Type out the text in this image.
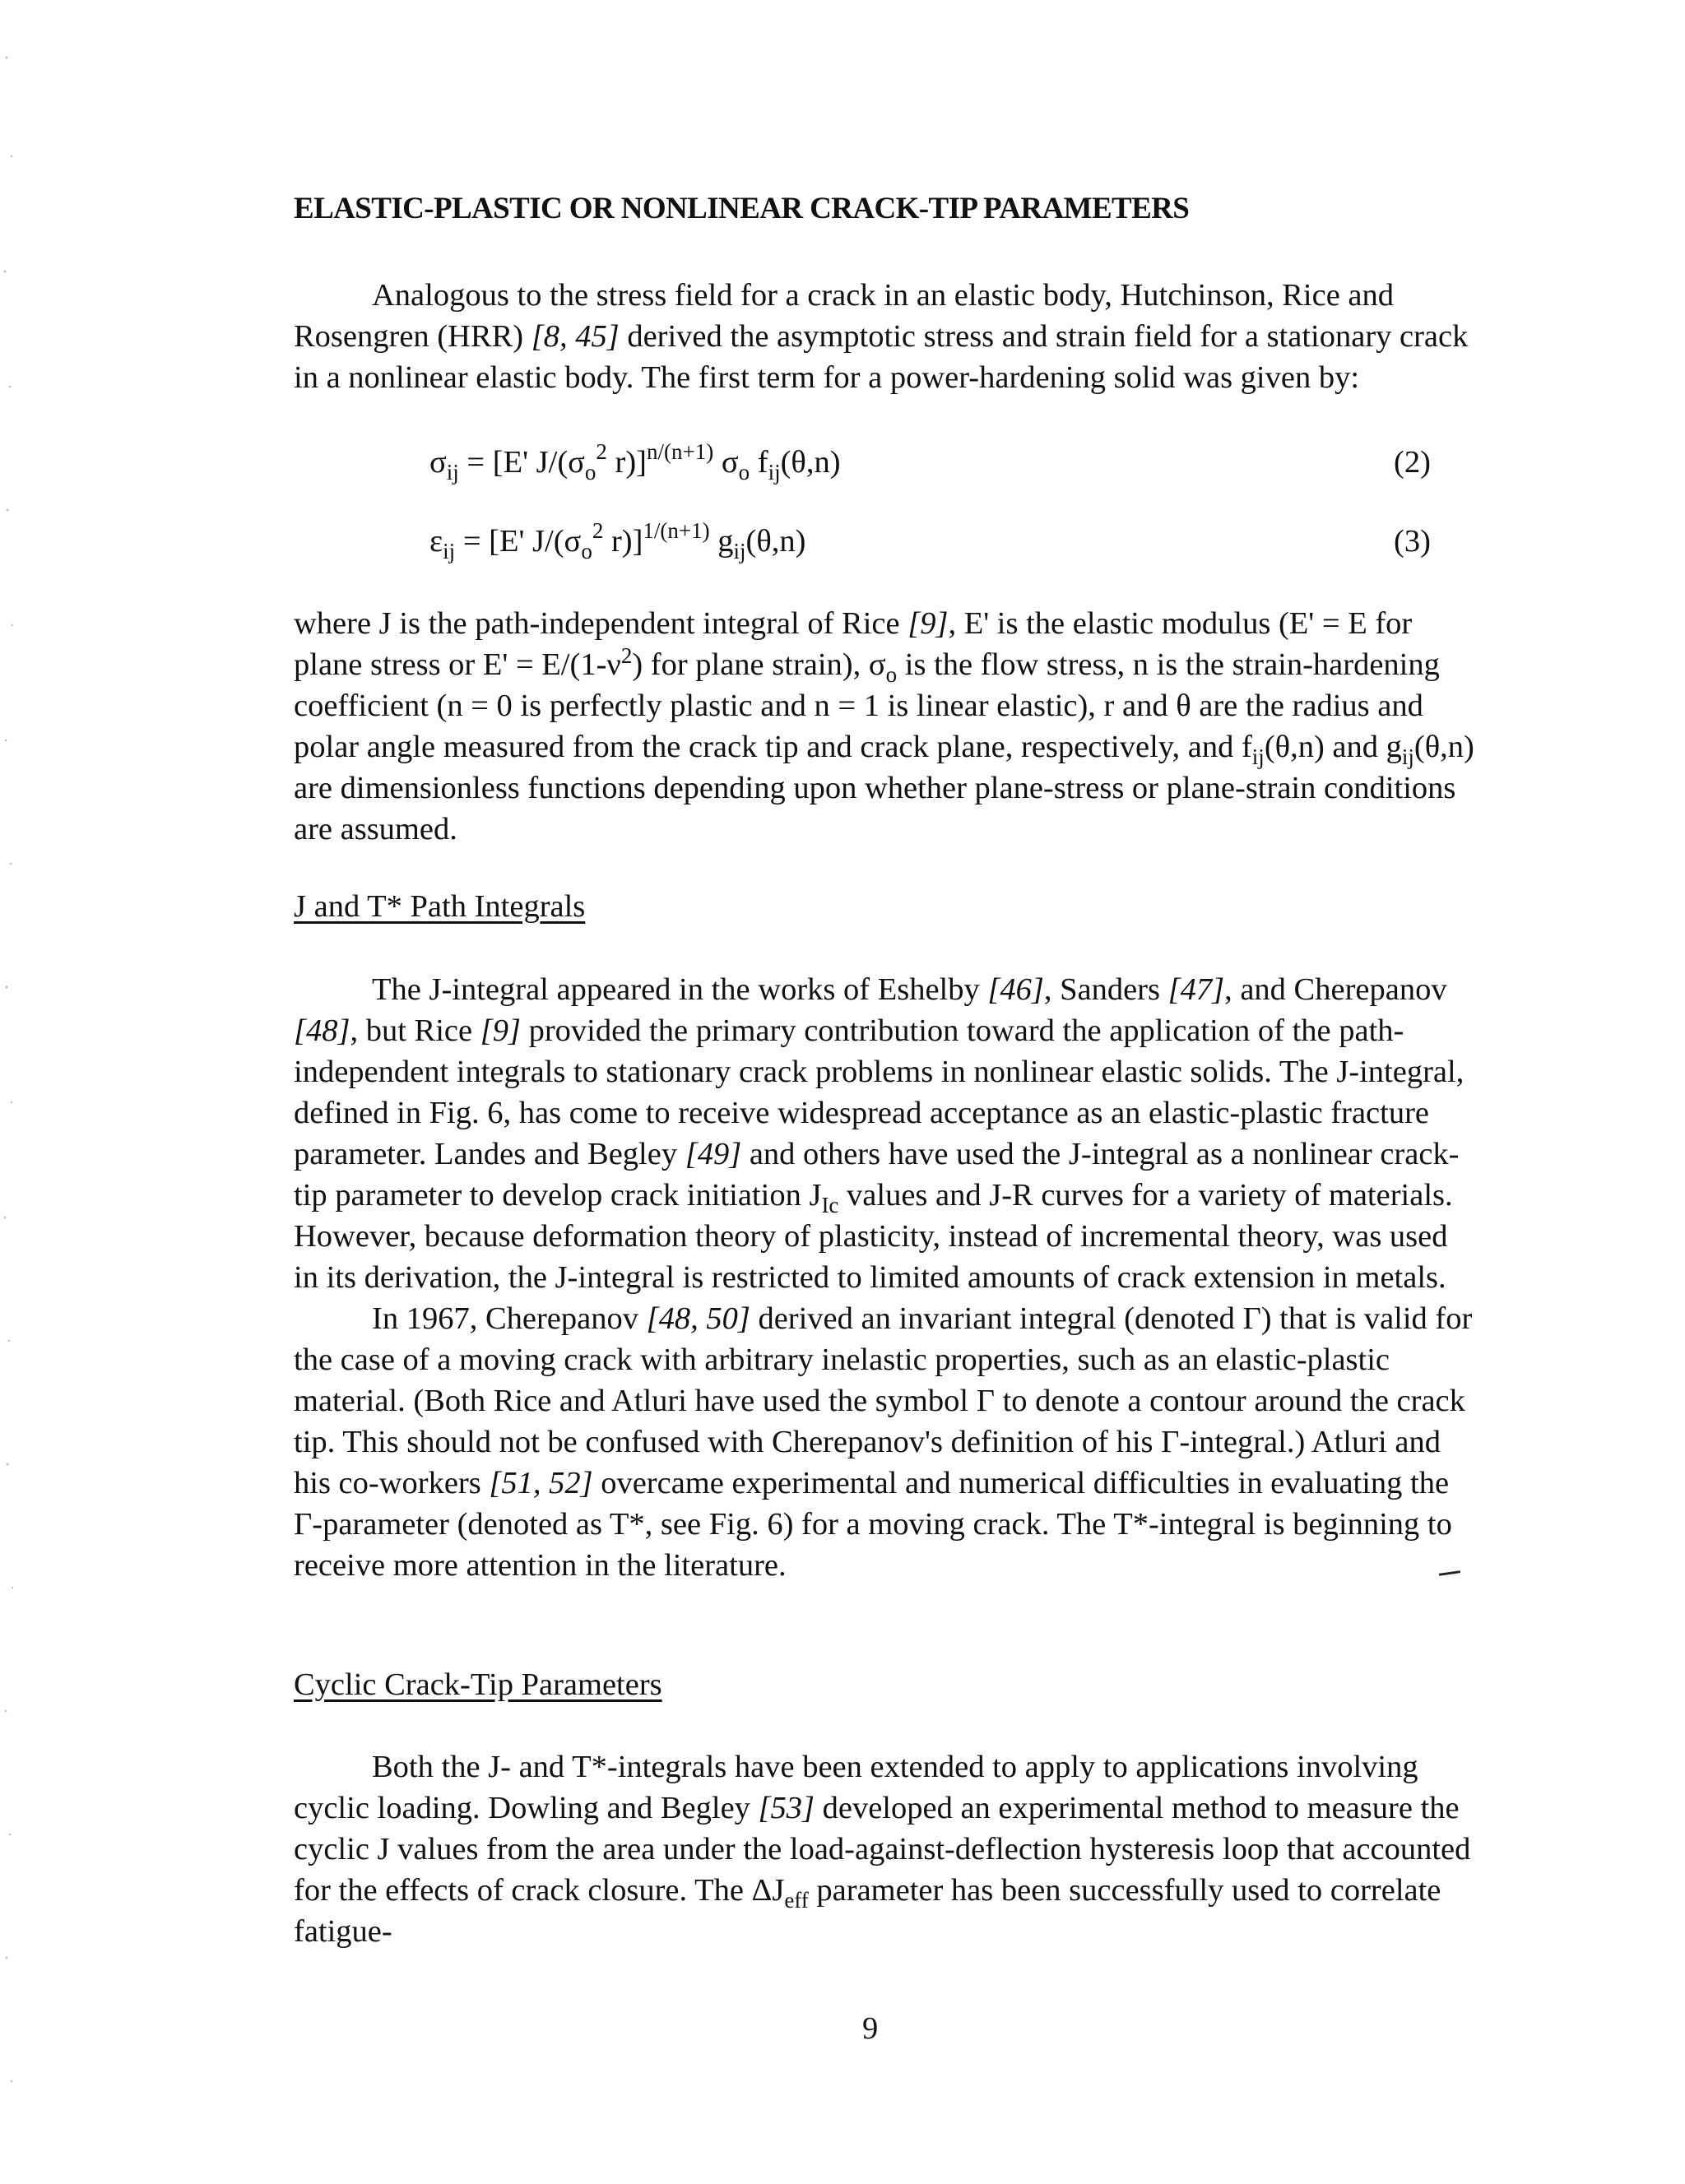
ELASTIC-PLASTIC OR NONLINEAR CRACK-TIP PARAMETERS

Analogous to the stress field for a crack in an elastic body, Hutchinson, Rice and Rosengren (HRR) [8, 45] derived the asymptotic stress and strain field for a stationary crack in a nonlinear elastic body. The first term for a power-hardening solid was given by:

$\sigma_{ij} = [E'$ $J/(\sigma_o^2$ r)]$^{n/(n+1)}$ $\sigma_o$ $f_{ij}(\theta,n)$	(2)
$\varepsilon_{ij} = [E'$ $J/(\sigma_o^2$ r)]$^{1/(n+1)}$ $g_{ij}(\theta,n)$	(3)

where J is the path-independent integral of Rice [9], E' is the elastic modulus (E' = E for plane stress or $E' = E/(1-\nu^2)$ for plane strain), $\sigma_o$ is the flow stress, n is the strain-hardening coefficient (n = 0 is perfectly plastic and n = 1 is linear elastic), r and θ are the radius and polar angle measured from the crack tip and crack plane, respectively, and $f_{ij}(\theta,n)$ and $g_{ij}(\theta,n)$ are dimensionless functions depending upon whether plane-stress or plane-strain conditions are assumed.

J and T* Path Integrals

The J-integral appeared in the works of Eshelby [46], Sanders [47], and Cherepanov [48], but Rice [9] provided the primary contribution toward the application of the path-independent integrals to stationary crack problems in nonlinear elastic solids. The J-integral, defined in Fig. 6, has come to receive widespread acceptance as an elastic-plastic fracture parameter. Landes and Begley [49] and others have used the J-integral as a nonlinear crack-tip parameter to develop crack initiation $J_{Ic}$ values and J-R curves for a variety of materials. However, because deformation theory of plasticity, instead of incremental theory, was used in its derivation, the J-integral is restricted to limited amounts of crack extension in metals.

In 1967, Cherepanov [48, 50] derived an invariant integral (denoted Γ) that is valid for the case of a moving crack with arbitrary inelastic properties, such as an elastic-plastic material. (Both Rice and Atluri have used the symbol Γ to denote a contour around the crack tip. This should not be confused with Cherepanov's definition of his Γ-integral.) Atluri and his co-workers [51, 52] overcame experimental and numerical difficulties in evaluating the Γ-parameter (denoted as T*, see Fig. 6) for a moving crack. The T*-integral is beginning to receive more attention in the literature.

Cyclic Crack-Tip Parameters

Both the J- and T*-integrals have been extended to apply to applications involving cyclic loading. Dowling and Begley [53] developed an experimental method to measure the cyclic J values from the area under the load-against-deflection hysteresis loop that accounted for the effects of crack closure. The $\Delta J_{eff}$ parameter has been successfully used to correlate fatigue-

9
